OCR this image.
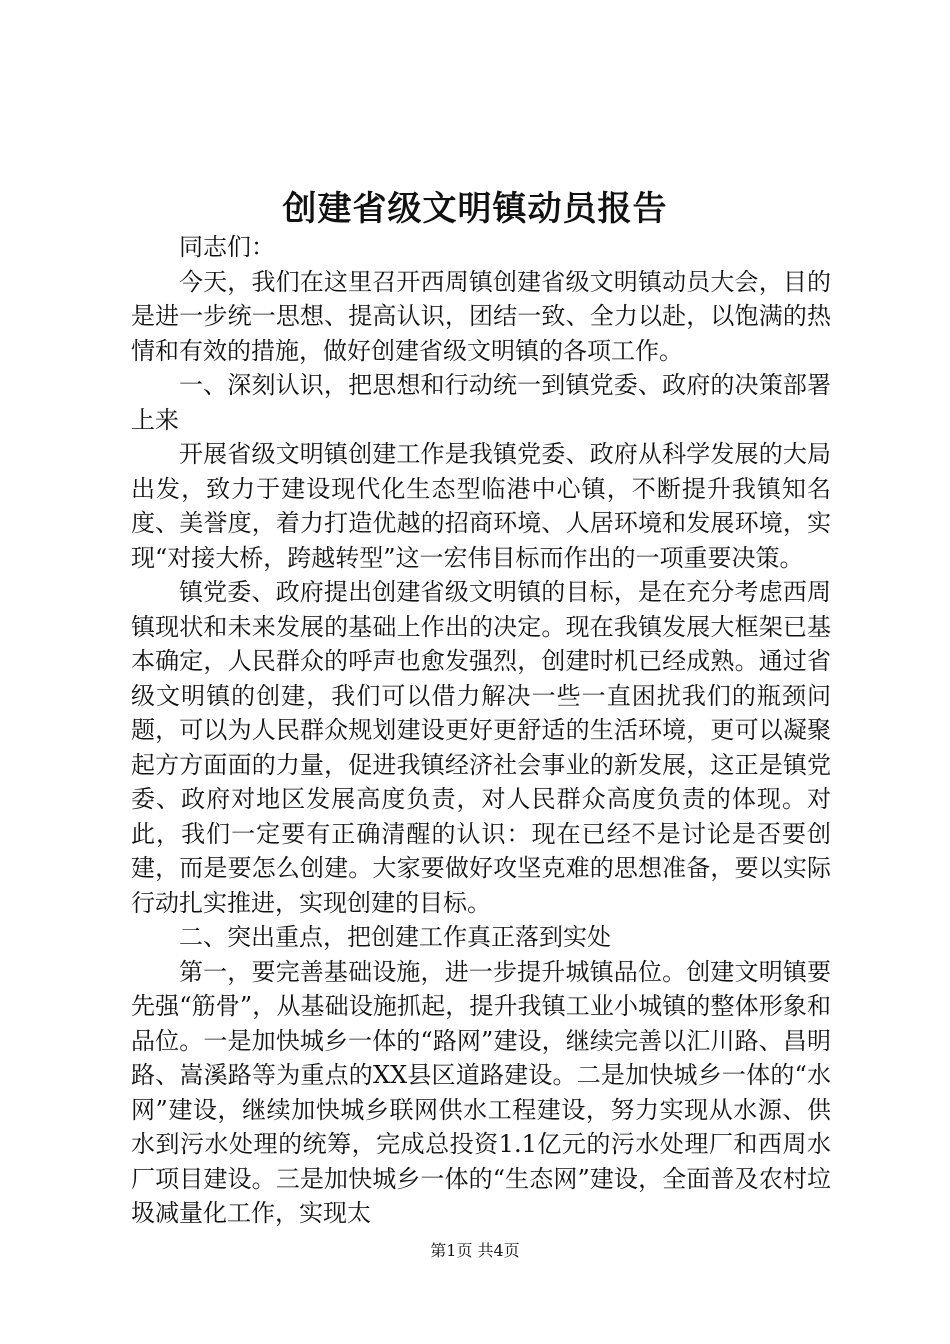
创建省级文明镇动员报告

同志们：

今天，我们在这里召开西周镇创建省级文明镇动员大会，目的是进一步统一思想、提高认识，团结一致、全力以赴，以饱满的热情和有效的措施，做好创建省级文明镇的各项工作。

一、深刻认识，把思想和行动统一到镇党委、政府的决策部署上来

开展省级文明镇创建工作是我镇党委、政府从科学发展的大局出发，致力于建设现代化生态型临港中心镇，不断提升我镇知名度、美誉度，着力打造优越的招商环境、人居环境和发展环境，实现“对接大桥，跨越转型”这一宏伟目标而作出的一项重要决策。

镇党委、政府提出创建省级文明镇的目标，是在充分考虑西周镇现状和未来发展的基础上作出的决定。现在我镇发展大框架已基本确定，人民群众的呼声也愈发强烈，创建时机已经成熟。通过省级文明镇的创建，我们可以借力解决一些一直困扰我们的瓶颈问题，可以为人民群众规划建设更好更舒适的生活环境，更可以凝聚起方方面面的力量，促进我镇经济社会事业的新发展，这正是镇党委、政府对地区发展高度负责，对人民群众高度负责的体现。对此，我们一定要有正确清醒的认识：现在已经不是讨论是否要创建，而是要怎么创建。大家要做好攻坚克难的思想准备，要以实际行动扎实推进，实现创建的目标。

二、突出重点，把创建工作真正落到实处

第一，要完善基础设施，进一步提升城镇品位。创建文明镇要先强“筋骨”，从基础设施抓起，提升我镇工业小城镇的整体形象和品位。一是加快城乡一体的“路网”建设，继续完善以汇川路、昌明路、嵩溪路等为重点的XX县区道路建设。二是加快城乡一体的“水网”建设，继续加快城乡联网供水工程建设，努力实现从水源、供水到污水处理的统筹，完成总投资1.1亿元的污水处理厂和西周水厂项目建设。三是加快城乡一体的“生态网”建设，全面普及农村垃圾减量化工作，实现太

第1页 共4页
